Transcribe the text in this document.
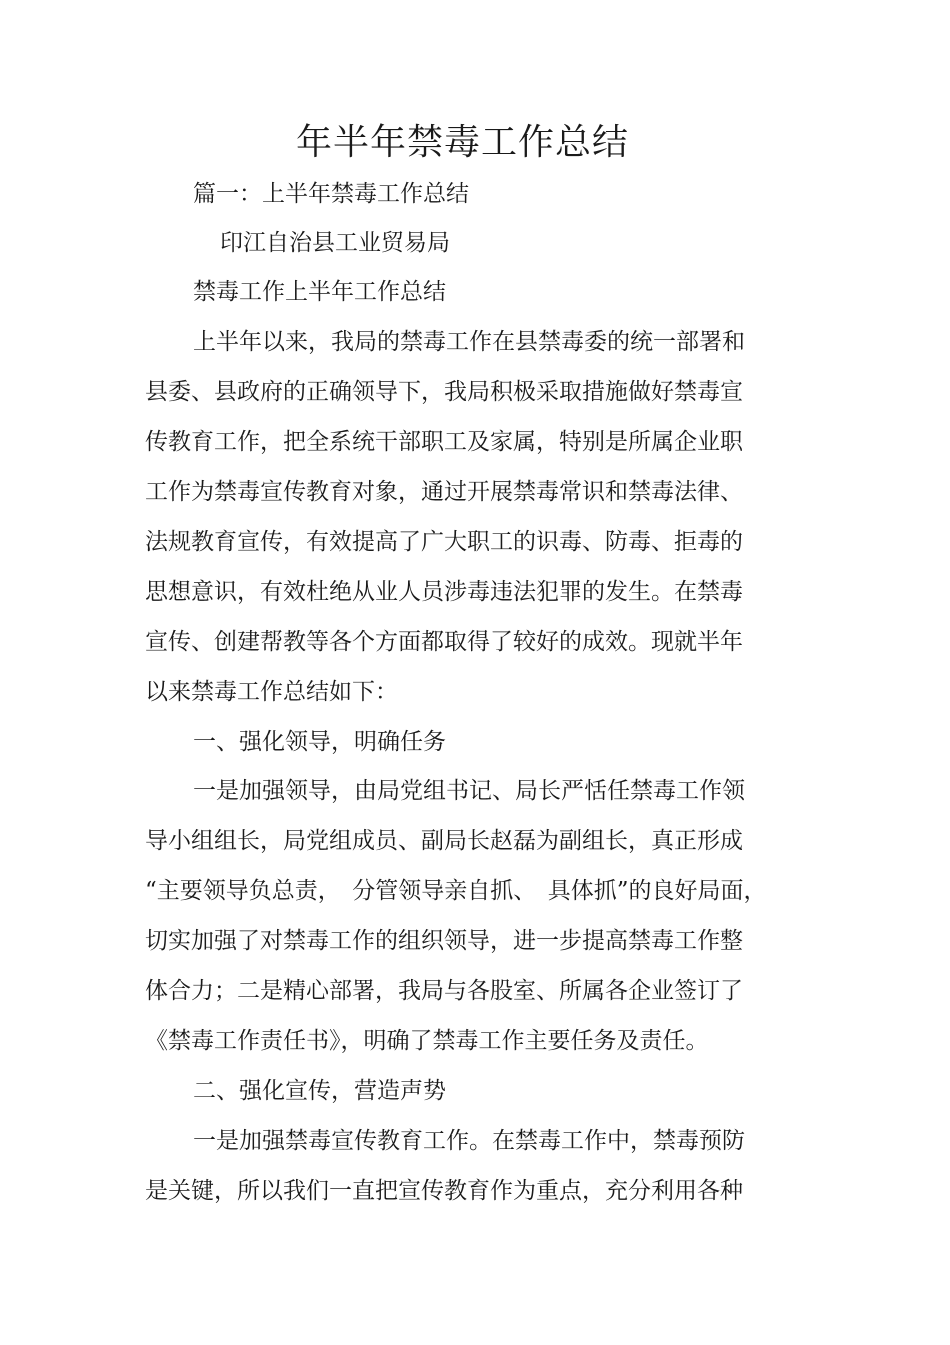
年半年禁毒工作总结
篇一：上半年禁毒工作总结
印江自治县工业贸易局
禁毒工作上半年工作总结
上半年以来，我局的禁毒工作在县禁毒委的统一部署和
县委、县政府的正确领导下，我局积极采取措施做好禁毒宣
传教育工作，把全系统干部职工及家属，特别是所属企业职
工作为禁毒宣传教育对象，通过开展禁毒常识和禁毒法律、
法规教育宣传，有效提高了广大职工的识毒、防毒、拒毒的
思想意识，有效杜绝从业人员涉毒违法犯罪的发生。在禁毒
宣传、创建帮教等各个方面都取得了较好的成效。现就半年
以来禁毒工作总结如下：
一、强化领导，明确任务
一是加强领导，由局党组书记、局长严恬任禁毒工作领
导小组组长，局党组成员、副局长赵磊为副组长，真正形成
“主要领导负总责，　分管领导亲自抓、　具体抓”的良好局面，
切实加强了对禁毒工作的组织领导，进一步提高禁毒工作整
体合力；二是精心部署，我局与各股室、所属各企业签订了
《禁毒工作责任书》，明确了禁毒工作主要任务及责任。
二、强化宣传，营造声势
一是加强禁毒宣传教育工作。在禁毒工作中，禁毒预防
是关键，所以我们一直把宣传教育作为重点，充分利用各种
